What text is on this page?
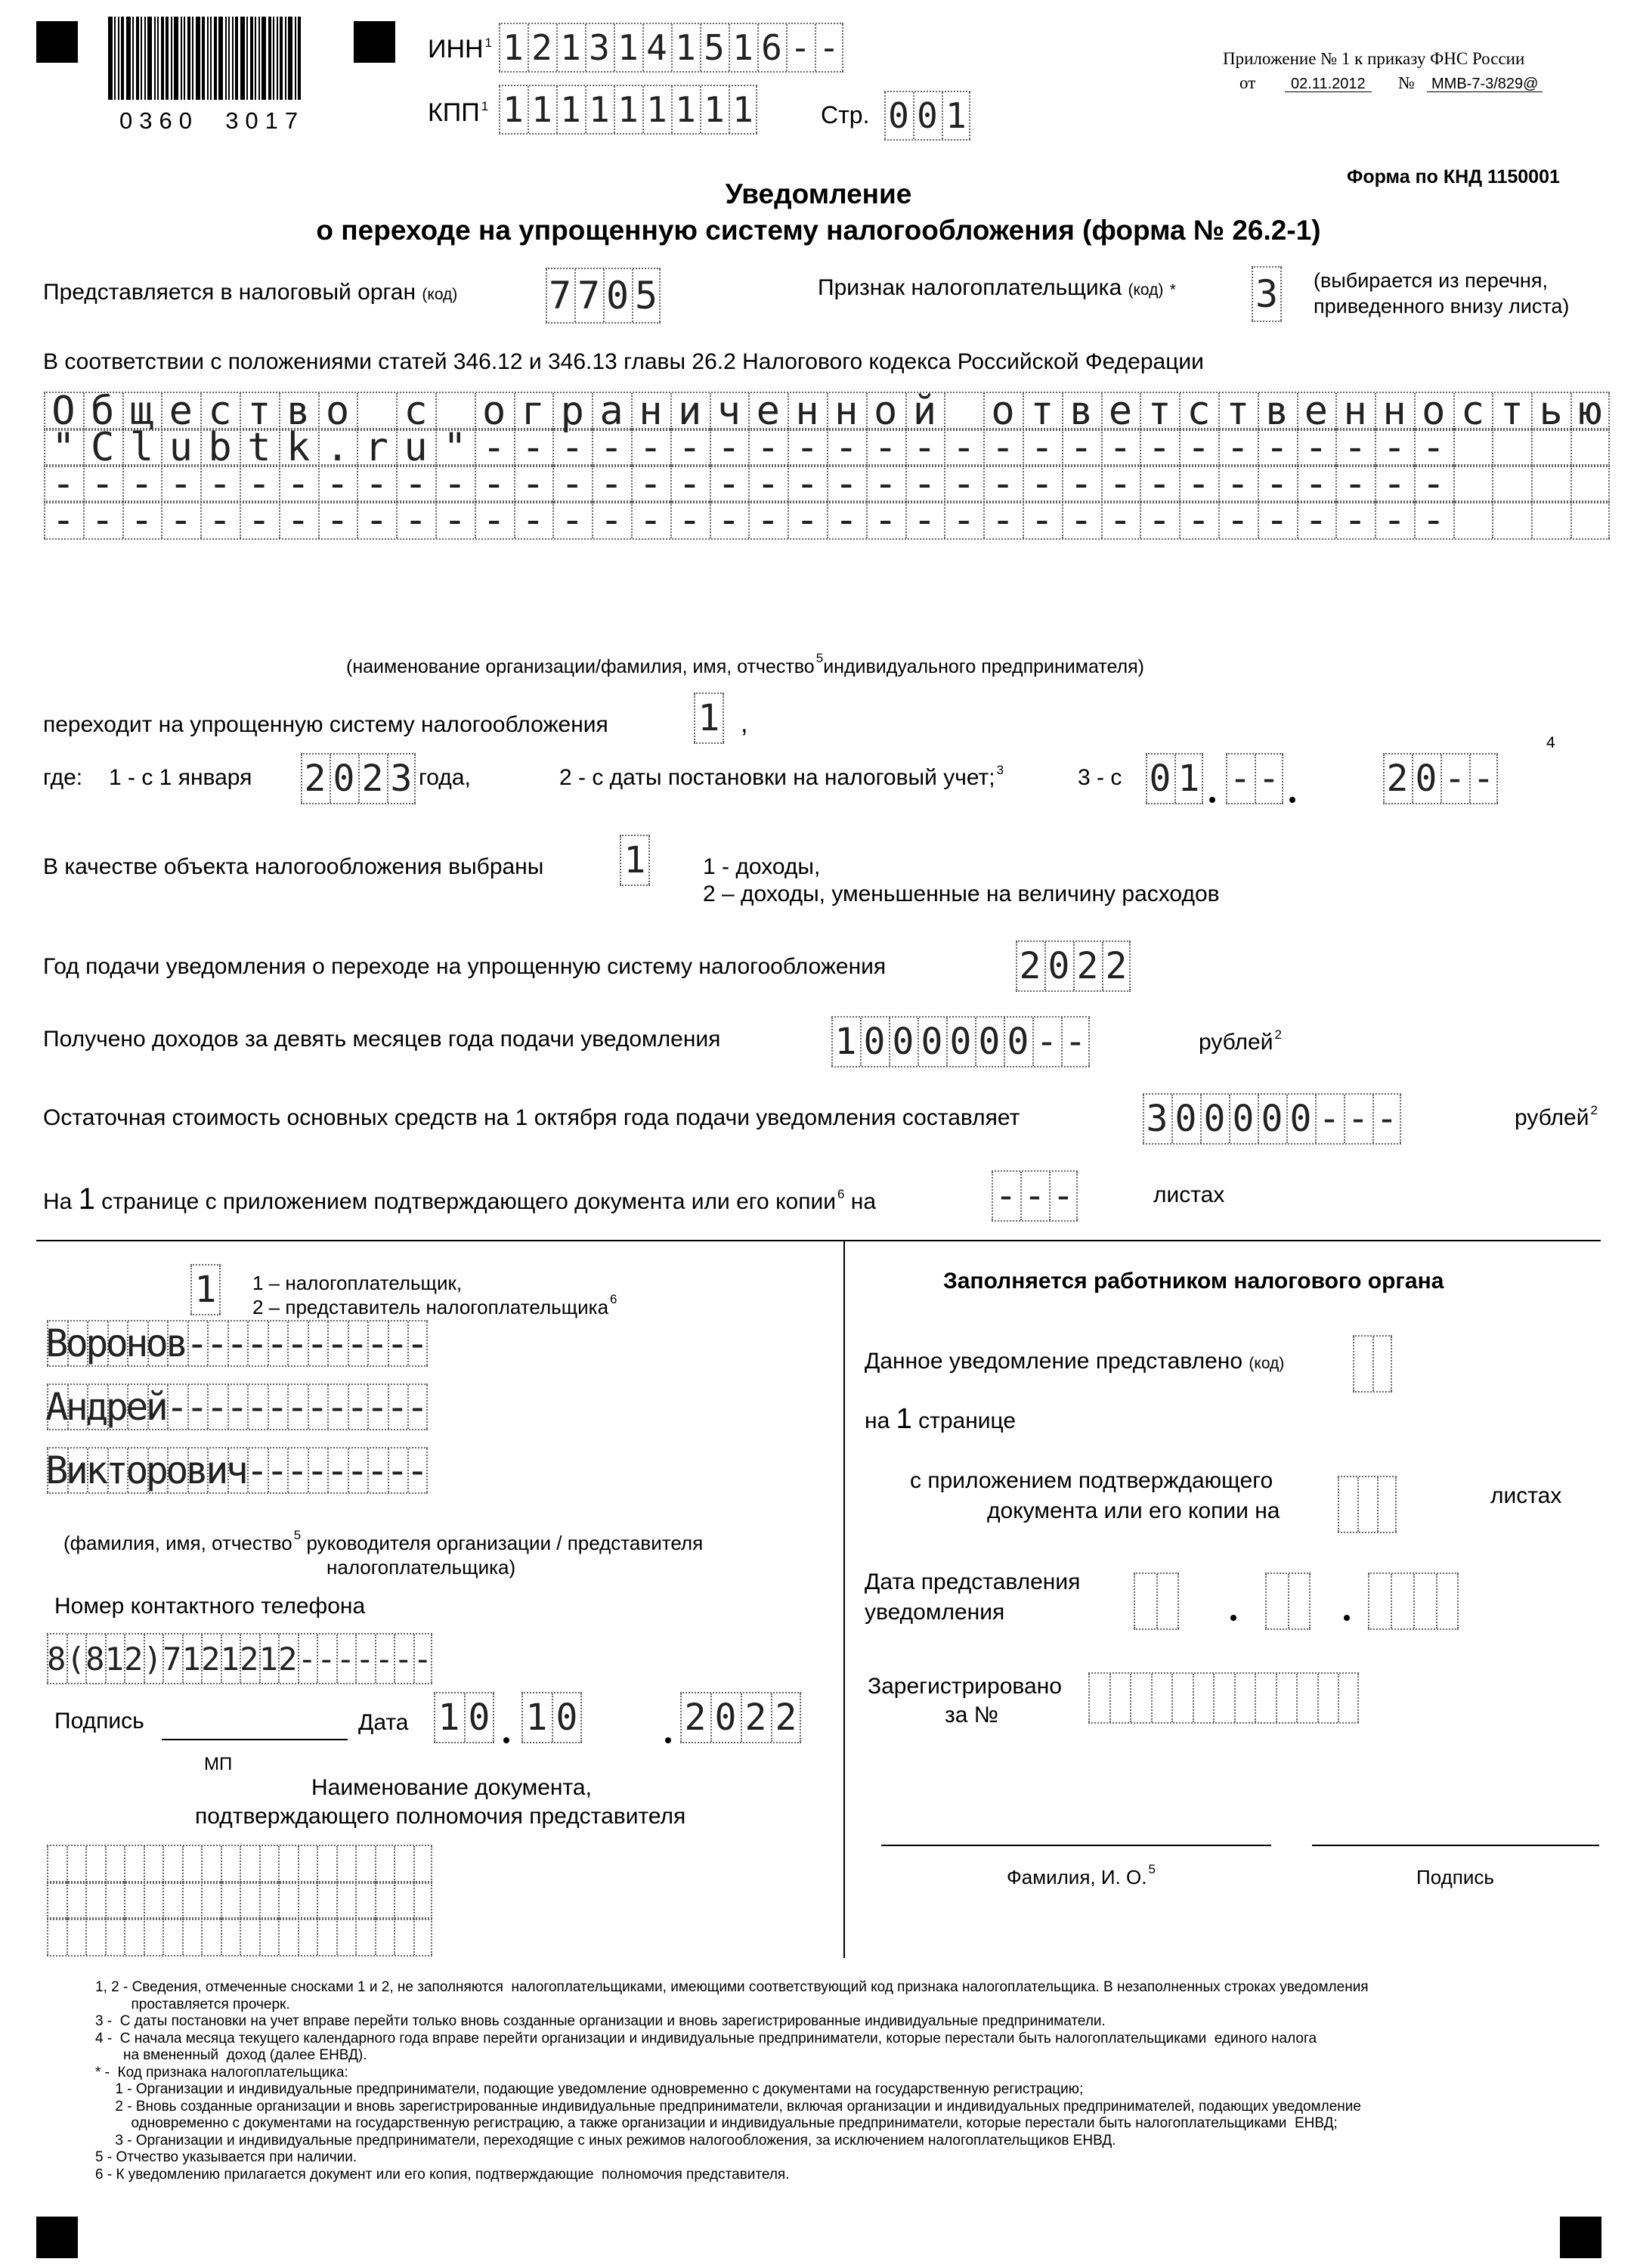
0360  3017
ИНН $^1$ 1 2 1 3 1 4 1 5 1 6 - -
КПП $^1$ 1 1 1 1 1 1 1 1 1	Стр. 0 0 1
Приложение № 1 к приказу ФНС России
от	02.11.2012	№	ММВ-7-3/829@
Форма по КНД 1150001
Уведомление
о переходе на упрощенную систему налогообложения (форма № 26.2-1)
Представляется в налоговый орган (код) 7 7 0 5	Признак налогоплательщика (код) * 3 (выбирается из перечня,
приведенного внизу листа)
В соответствии с положениями статей 346.12 и 346.13 главы 26.2 Налогового кодекса Российской Федерации
О б щ е с т в о с о г р а н и ч е н н о й о т в е т с т в е н н о с т ь ю
" C l u b t k . r u " - - - - - - - - - - - - - - - - - - - - - - - - -
- - - - - - - - - - - - - - - - - - - - - - - - - - - - - - - - - - - -
- - - - - - - - - - - - - - - - - - - - - - - - - - - - - - - - - - - -
(наименование организации/фамилия, имя, отчество $^5$индивидуального предпринимателя)
переходит на упрощенную систему налогообложения 1 ,
где: 1 - с 1 января 2 0 2 3 года,	2 - с даты постановки на налоговый учет; $^3$	3 - с 0 1 - -	2 0 - -
4
В качестве объекта налогообложения выбраны 1	1 - доходы,
2 – доходы, уменьшенные на величину расходов
Год подачи уведомления о переходе на упрощенную систему налогообложения	2 0 2 2
Получено доходов за девять месяцев года подачи уведомления	1 0 0 0 0 0 0 - -	рублей $^2$
Остаточная стоимость основных средств на 1 октября года подачи уведомления составляет	3 0 0 0 0 0 - - -	рублей $^2$
На 1 странице с приложением подтверждающего документа или его копии $^6$ на	- - -	листах
1 1 – налогоплательщик,
2 – представитель налогоплательщика $^6$
В
о
р
о
н
о
в
-
-
-
-
-
-
-
-
-
-
-
-
А
н
д
р
е
й
-
-
-
-
-
-
-
-
-
-
-
-
-
В
и
к
т
о
р
о
в
и
ч
-
-
-
-
-
-
-
-
-
(фамилия, имя, отчество $^5$ руководителя организации / представителя
налогоплательщика)
Номер контактного телефона
8 ( 8 1 2 ) 7 1 2 1 2 1 2 - - - - - - -
Подпись	Дата 1 0 1 0	2 0 2 2
МП
Наименование документа,
подтверждающего полномочия представителя
Заполняется работником налогового органа
Данное уведомление представлено (код)
на 1 странице
с приложением подтверждающего
документа или его копии на
листах
Дата представления
уведомления
Зарегистрировано
за №
Фамилия, И. О. $^5$	Подпись
1, 2 - Сведения, отмеченные сносками 1 и 2, не заполняются  налогоплательщиками, имеющими соответствующий код признака налогоплательщика. В незаполненных строках уведомления
проставляется прочерк.
3 -  С даты постановки на учет вправе перейти только вновь созданные организации и вновь зарегистрированные индивидуальные предприниматели.
4 -  С начала месяца текущего календарного года вправе перейти организации и индивидуальные предприниматели, которые перестали быть налогоплательщиками  единого налога
на вмененный  доход (далее ЕНВД).
* -  Код признака налогоплательщика:
1 - Организации и индивидуальные предприниматели, подающие уведомление одновременно с документами на государственную регистрацию;
2 - Вновь созданные организации и вновь зарегистрированные индивидуальные предприниматели, включая организации и индивидуальных предпринимателей, подающих уведомление
одновременно с документами на государственную регистрацию, а также организации и индивидуальные предприниматели, которые перестали быть налогоплательщиками  ЕНВД;
3 - Организации и индивидуальные предприниматели, переходящие с иных режимов налогообложения, за исключением налогоплательщиков ЕНВД.
5 - Отчество указывается при наличии.
6 - К уведомлению прилагается документ или его копия, подтверждающие  полномочия представителя.
